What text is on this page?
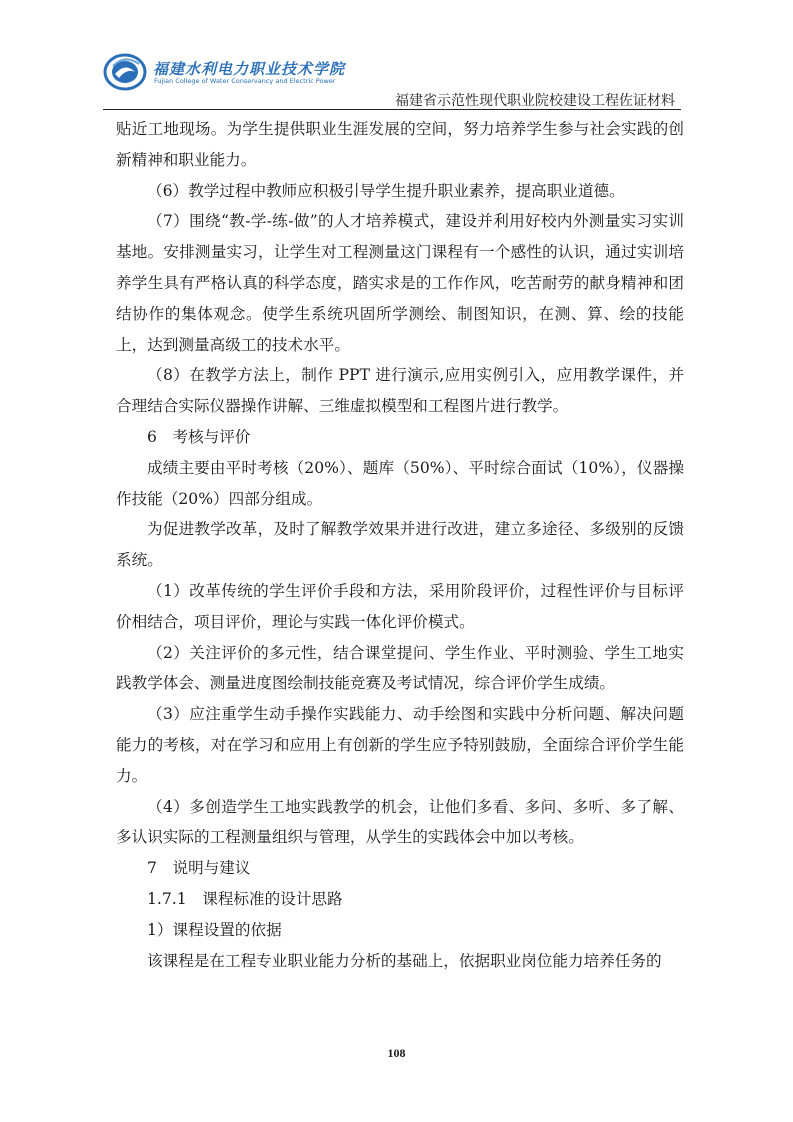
福建水利电力职业技术学院
Fujian College of Water Conservancy and Electric Power
福建省示范性现代职业院校建设工程佐证材料

贴近工地现场。为学生提供职业生涯发展的空间，努力培养学生参与社会实践的创新精神和职业能力。

（6）教学过程中教师应积极引导学生提升职业素养，提高职业道德。

（7）围绕“教-学-练-做”的人才培养模式，建设并利用好校内外测量实习实训基地。安排测量实习，让学生对工程测量这门课程有一个感性的认识，通过实训培养学生具有严格认真的科学态度，踏实求是的工作作风，吃苦耐劳的献身精神和团结协作的集体观念。使学生系统巩固所学测绘、制图知识，在测、算、绘的技能上，达到测量高级工的技术水平。

（8）在教学方法上，制作 PPT 进行演示,应用实例引入，应用教学课件，并合理结合实际仪器操作讲解、三维虚拟模型和工程图片进行教学。

6　考核与评价

成绩主要由平时考核（20%）、题库（50%）、平时综合面试（10%），仪器操作技能（20%）四部分组成。

为促进教学改革，及时了解教学效果并进行改进，建立多途径、多级别的反馈系统。

（1）改革传统的学生评价手段和方法，采用阶段评价，过程性评价与目标评价相结合，项目评价，理论与实践一体化评价模式。

（2）关注评价的多元性，结合课堂提问、学生作业、平时测验、学生工地实践教学体会、测量进度图绘制技能竞赛及考试情况，综合评价学生成绩。

（3）应注重学生动手操作实践能力、动手绘图和实践中分析问题、解决问题能力的考核，对在学习和应用上有创新的学生应予特别鼓励，全面综合评价学生能力。

（4）多创造学生工地实践教学的机会，让他们多看、多问、多听、多了解、多认识实际的工程测量组织与管理，从学生的实践体会中加以考核。

7　说明与建议

1.7.1　课程标准的设计思路

1）课程设置的依据

该课程是在工程专业职业能力分析的基础上，依据职业岗位能力培养任务的

108
